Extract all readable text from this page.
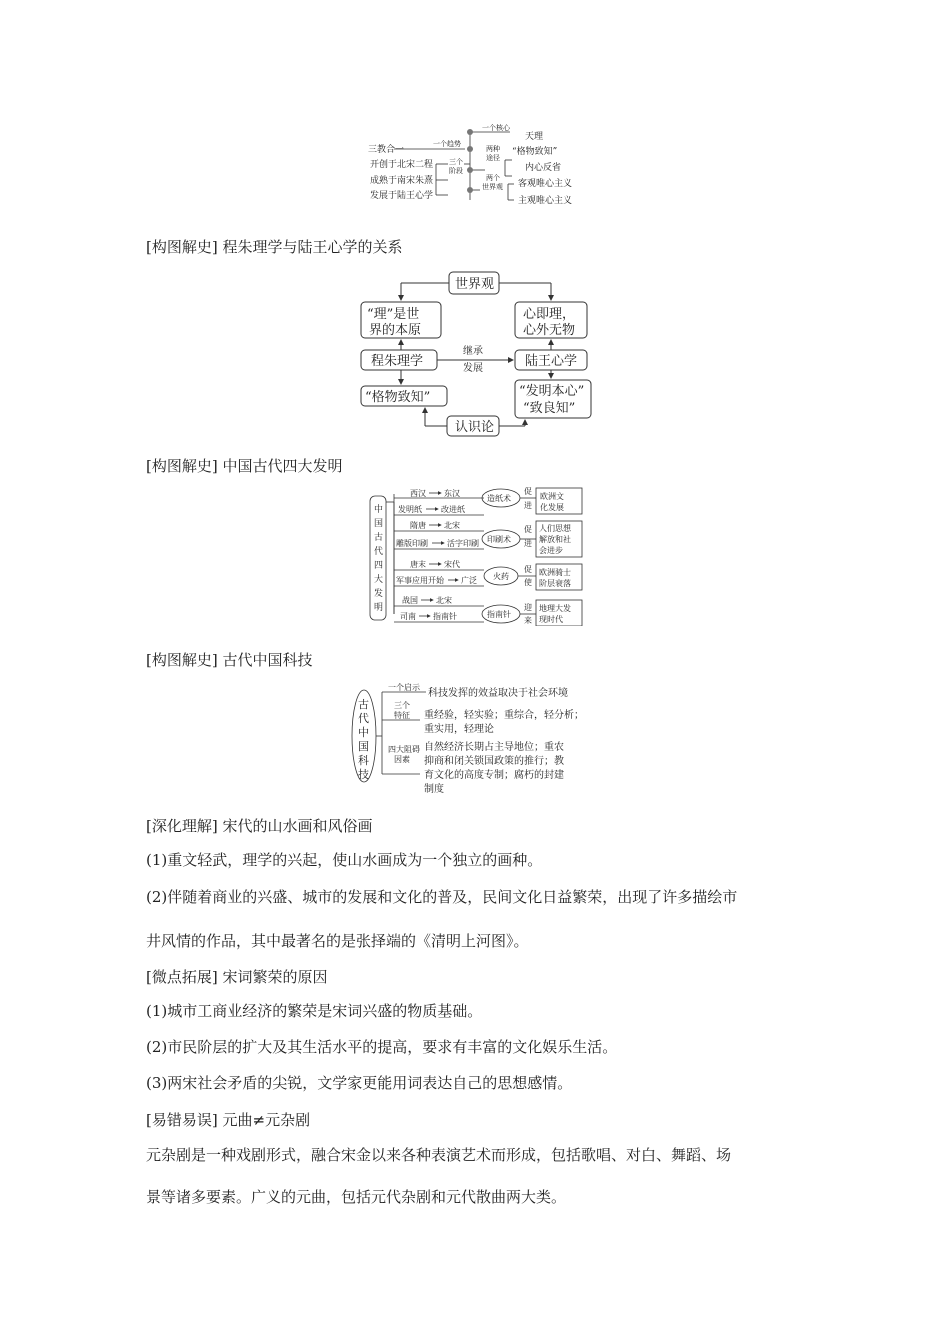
三教合一
一个趋势
开创于北宋二程
成熟于南宋朱熹
发展于陆王心学
三个
阶段
一个核心
天理
两种
途径
“格物致知”
内心反省
两个
世界观 客观唯心主义
主观唯心主义
[构图解史] 程朱理学与陆王心学的关系
世界观
“理”是世
界的本原
心即理，
心外无物
程朱理学	陆王心学
继承
发展
“格物致知”	“发明本心”
“致良知”
认识论
[构图解史] 中国古代四大发明
中
国
古
代
四
大
发
明
西汉 东汉
发明纸 改进纸
造纸术
促
进
欧洲文
化发展
隋唐 北宋
雕版印刷 活字印刷 印刷术
促
进
人们思想
解放和社
会进步
唐末 宋代
军事应用开始 广泛 火药
促
使
欧洲骑士
阶层衰落
战国 北宋
司南 指南针	指南针
迎
来
地理大发
现时代
[构图解史] 古代中国科技
古
代
中
国
科
技
一个启示
三个
特征
四大阻碍
因素
科技发挥的效益取决于社会环境
重经验，轻实验；重综合，轻分析；
重实用，轻理论
自然经济长期占主导地位；重农
抑商和闭关锁国政策的推行；教
育文化的高度专制；腐朽的封建
制度
[深化理解] 宋代的山水画和风俗画
(1)重文轻武，理学的兴起，使山水画成为一个独立的画种。
(2)伴随着商业的兴盛、城市的发展和文化的普及，民间文化日益繁荣，出现了许多描绘市
井风情的作品，其中最著名的是张择端的《清明上河图》。
[微点拓展] 宋词繁荣的原因
(1)城市工商业经济的繁荣是宋词兴盛的物质基础。
(2)市民阶层的扩大及其生活水平的提高，要求有丰富的文化娱乐生活。
(3)两宋社会矛盾的尖锐，文学家更能用词表达自己的思想感情。
[易错易误] 元曲≠元杂剧
元杂剧是一种戏剧形式，融合宋金以来各种表演艺术而形成，包括歌唱、对白、舞蹈、场
景等诸多要素。广义的元曲，包括元代杂剧和元代散曲两大类。
